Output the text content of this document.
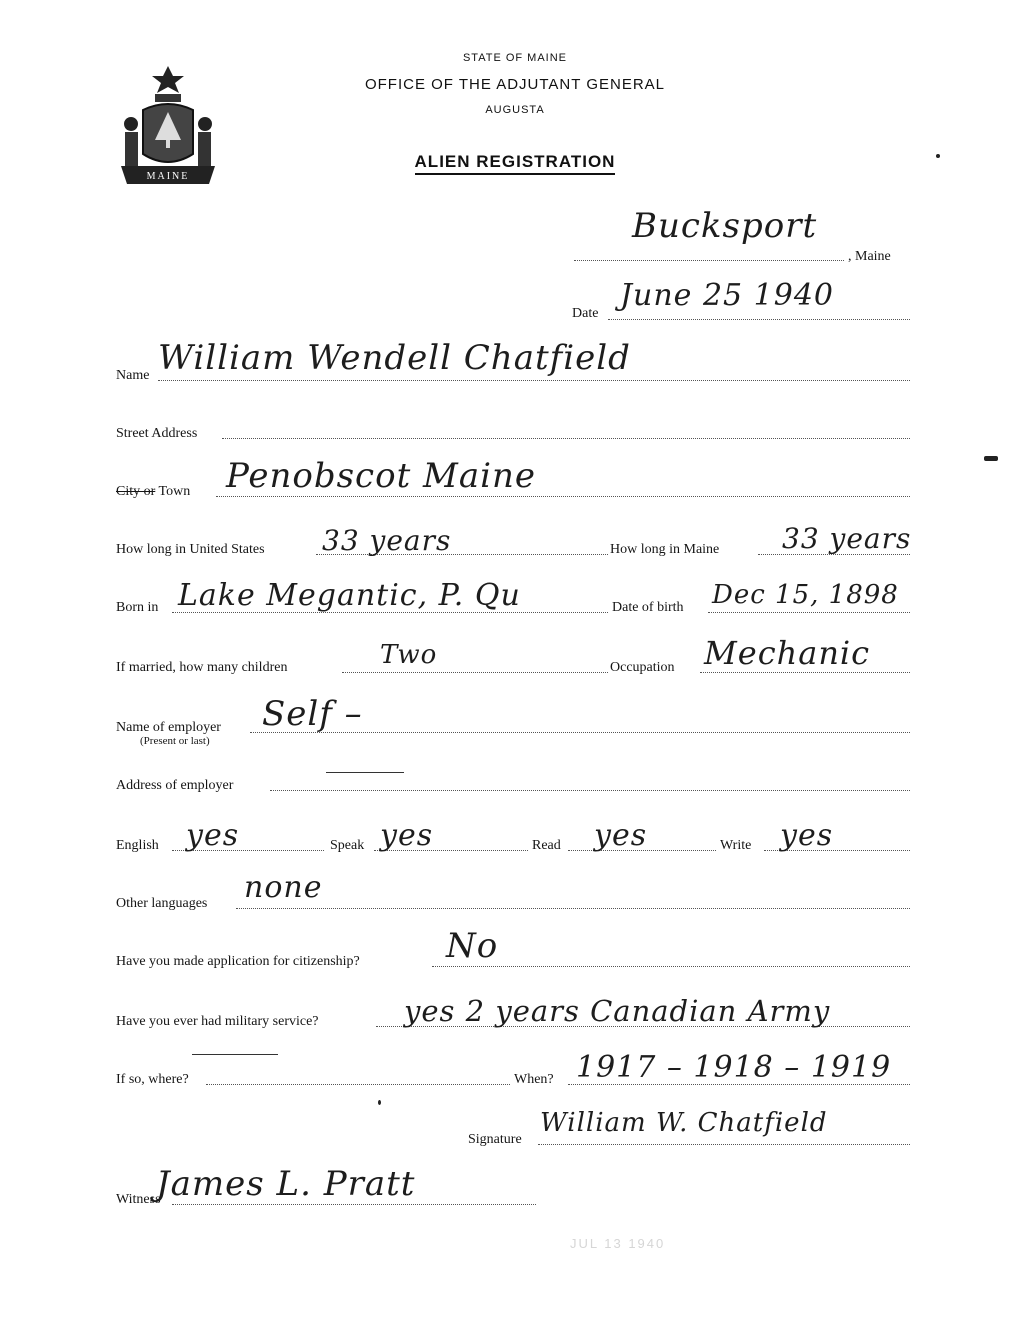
MAINE
STATE OF MAINE
OFFICE OF THE ADJUTANT GENERAL
AUGUSTA
ALIEN REGISTRATION
Bucksport
, Maine
Date
June 25 1940
Name William Wendell Chatfield
Street Address
City or Town Penobscot Maine
How long in United States 33 years	How long in Maine 33 years
Born in Lake Megantic, P. Qu	Date of birth Dec 15, 1898
If married, how many children	Two	Occupation Mechanic
Name of employer
(Present or last)
Self –
Address of employer
English yes	Speak yes	Read yes	Write yes
Other languages none
Have you made application for citizenship?	No
Have you ever had military service?	yes 2 years Canadian Army
If so, where?	When? 1917 – 1918 – 1919
Signature
William W. Chatfield
Witness
James L. Pratt
JUL 13 1940
